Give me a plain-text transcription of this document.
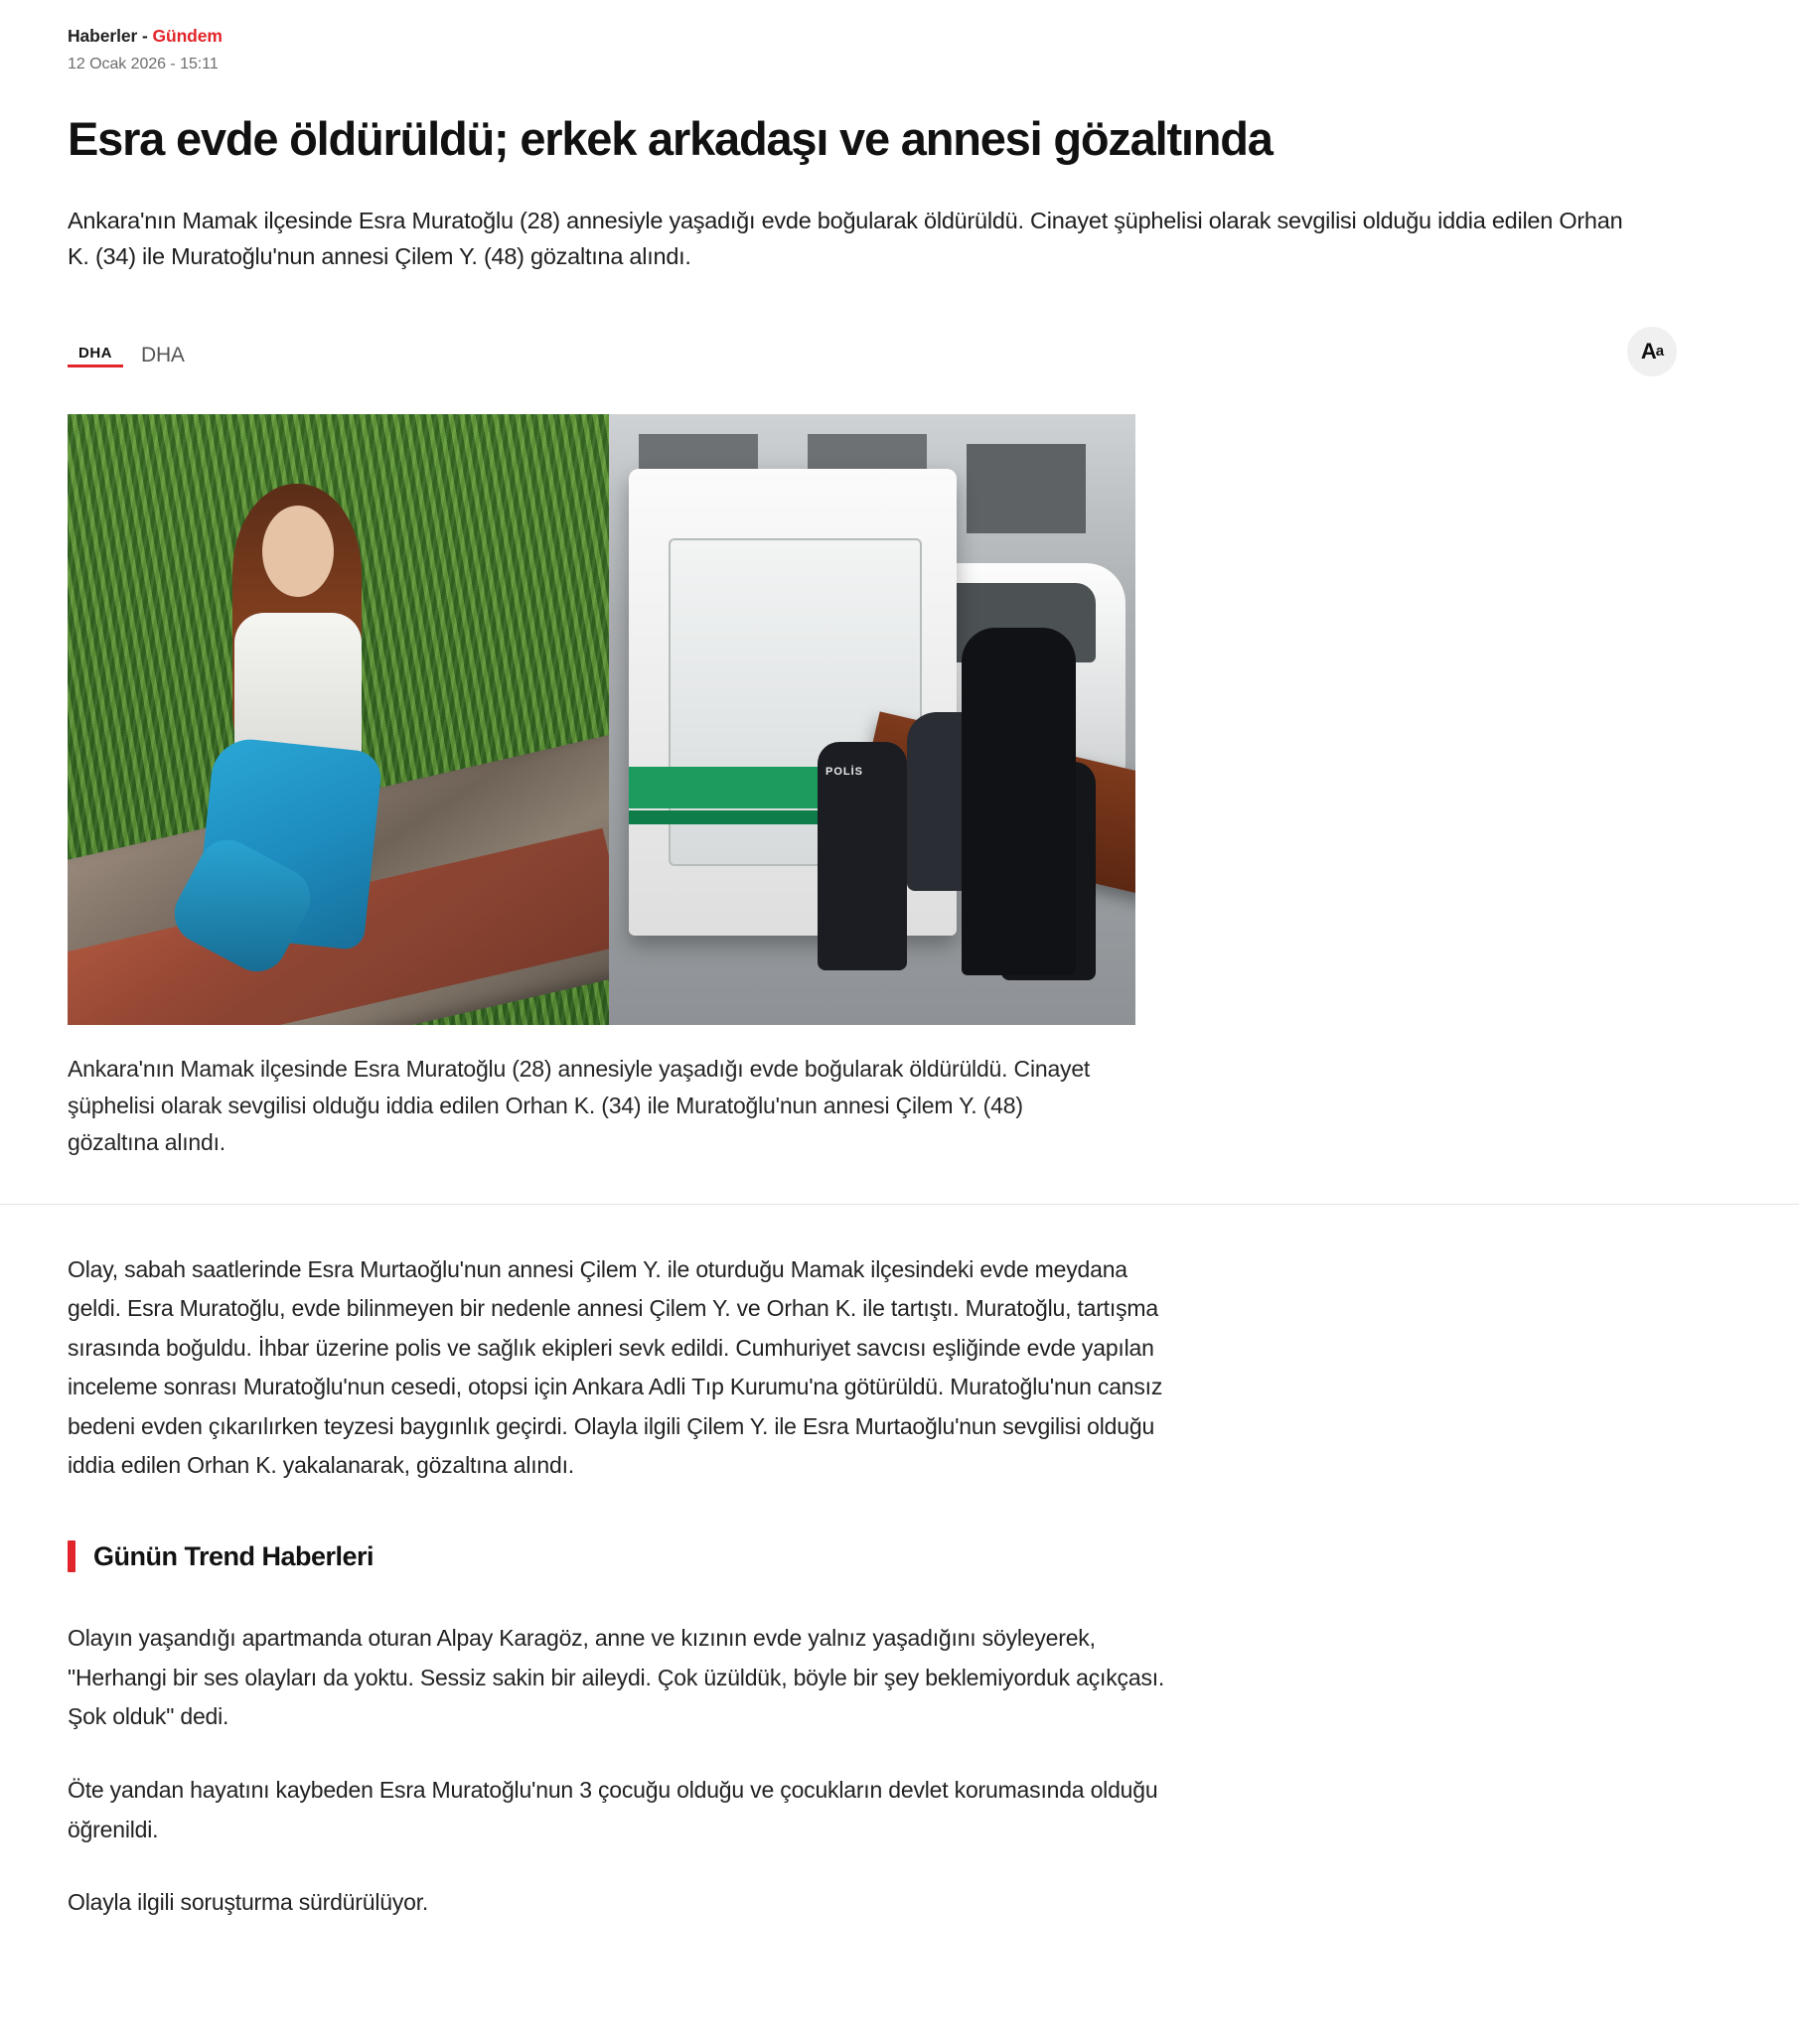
Haberler - Gündem
12 Ocak 2026 - 15:11
Esra evde öldürüldü; erkek arkadaşı ve annesi gözaltında
Ankara'nın Mamak ilçesinde Esra Muratoğlu (28) annesiyle yaşadığı evde boğularak öldürüldü. Cinayet şüphelisi olarak sevgilisi olduğu iddia edilen Orhan K. (34) ile Muratoğlu'nun annesi Çilem Y. (48) gözaltına alındı.
DHA	DHA	A a
POLİS
Ankara'nın Mamak ilçesinde Esra Muratoğlu (28) annesiyle yaşadığı evde boğularak öldürüldü. Cinayet şüphelisi olarak sevgilisi olduğu iddia edilen Orhan K. (34) ile Muratoğlu'nun annesi Çilem Y. (48) gözaltına alındı.

Olay, sabah saatlerinde Esra Murtaoğlu'nun annesi Çilem Y. ile oturduğu Mamak ilçesindeki evde meydana geldi. Esra Muratoğlu, evde bilinmeyen bir nedenle annesi Çilem Y. ve Orhan K. ile tartıştı. Muratoğlu, tartışma sırasında boğuldu. İhbar üzerine polis ve sağlık ekipleri sevk edildi. Cumhuriyet savcısı eşliğinde evde yapılan inceleme sonrası Muratoğlu'nun cesedi, otopsi için Ankara Adli Tıp Kurumu'na götürüldü. Muratoğlu'nun cansız bedeni evden çıkarılırken teyzesi baygınlık geçirdi. Olayla ilgili Çilem Y. ile Esra Murtaoğlu'nun sevgilisi olduğu iddia edilen Orhan K. yakalanarak, gözaltına alındı.

Günün Trend Haberleri

Olayın yaşandığı apartmanda oturan Alpay Karagöz, anne ve kızının evde yalnız yaşadığını söyleyerek, "Herhangi bir ses olayları da yoktu. Sessiz sakin bir aileydi. Çok üzüldük, böyle bir şey beklemiyorduk açıkçası. Şok olduk" dedi.

Öte yandan hayatını kaybeden Esra Muratoğlu'nun 3 çocuğu olduğu ve çocukların devlet korumasında olduğu öğrenildi.

Olayla ilgili soruşturma sürdürülüyor.
